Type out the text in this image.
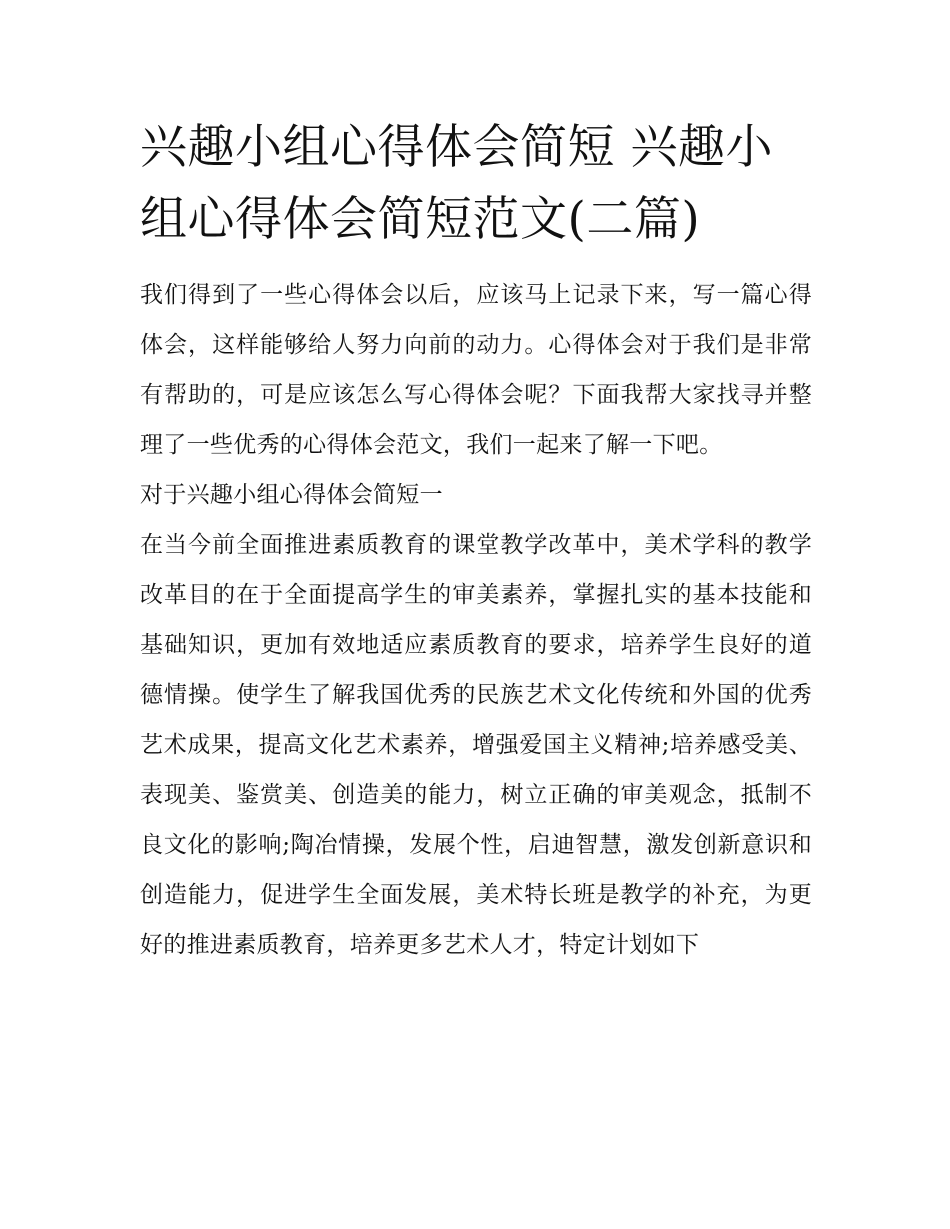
兴趣小组心得体会简短 兴趣小组心得体会简短范文(二篇)

我们得到了一些心得体会以后，应该马上记录下来，写一篇心得体会，这样能够给人努力向前的动力。心得体会对于我们是非常有帮助的，可是应该怎么写心得体会呢？下面我帮大家找寻并整理了一些优秀的心得体会范文，我们一起来了解一下吧。

对于兴趣小组心得体会简短一

在当今前全面推进素质教育的课堂教学改革中，美术学科的教学改革目的在于全面提高学生的审美素养，掌握扎实的基本技能和基础知识，更加有效地适应素质教育的要求，培养学生良好的道德情操。使学生了解我国优秀的民族艺术文化传统和外国的优秀艺术成果，提高文化艺术素养，增强爱国主义精神;培养感受美、表现美、鉴赏美、创造美的能力，树立正确的审美观念，抵制不良文化的影响;陶冶情操，发展个性，启迪智慧，激发创新意识和创造能力，促进学生全面发展，美术特长班是教学的补充，为更好的推进素质教育，培养更多艺术人才，特定计划如下
